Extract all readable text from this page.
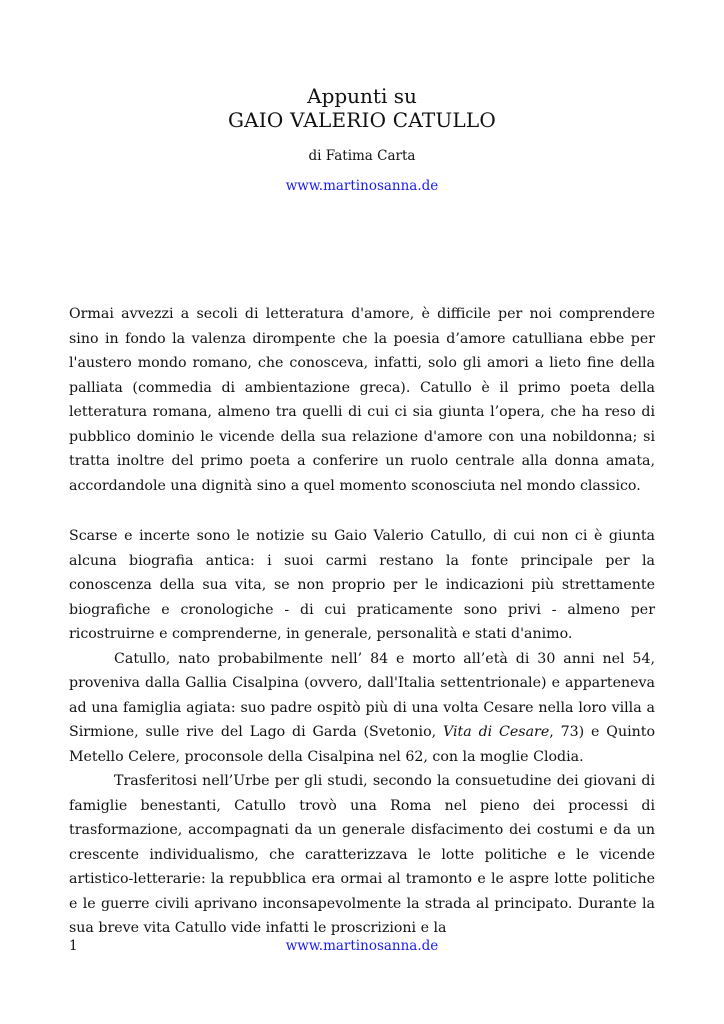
Appunti su
GAIO VALERIO CATULLO
di Fatima Carta
www.martinosanna.de
Ormai avvezzi a secoli di letteratura d'amore, è difficile per noi comprendere sino in fondo la valenza dirompente che la poesia d’amore catulliana ebbe per l'austero mondo romano, che conosceva, infatti, solo gli amori a lieto fine della palliata (commedia di ambientazione greca). Catullo è il primo poeta della letteratura romana, almeno tra quelli di cui ci sia giunta l’opera, che ha reso di pubblico dominio le vicende della sua relazione d'amore con una nobildonna; si tratta inoltre del primo poeta a conferire un ruolo centrale alla donna amata, accordandole una dignità sino a quel momento sconosciuta nel mondo classico.

Scarse e incerte sono le notizie su Gaio Valerio Catullo, di cui non ci è giunta alcuna biografia antica: i suoi carmi restano la fonte principale per la conoscenza della sua vita, se non proprio per le indicazioni più strettamente biografiche e cronologiche - di cui praticamente sono privi - almeno per ricostruirne e comprenderne, in generale, personalità e stati d'animo.

Catullo, nato probabilmente nell’ 84 e morto all’età di 30 anni nel 54, proveniva dalla Gallia Cisalpina (ovvero, dall'Italia settentrionale) e apparteneva ad una famiglia agiata: suo padre ospitò più di una volta Cesare nella loro villa a Sirmione, sulle rive del Lago di Garda (Svetonio, Vita di Cesare, 73) e Quinto Metello Celere, proconsole della Cisalpina nel 62, con la moglie Clodia.

Trasferitosi nell’Urbe per gli studi, secondo la consuetudine dei giovani di famiglie benestanti, Catullo trovò una Roma nel pieno dei processi di trasformazione, accompagnati da un generale disfacimento dei costumi e da un crescente individualismo, che caratterizzava le lotte politiche e le vicende artistico-letterarie: la repubblica era ormai al tramonto e le aspre lotte politiche e le guerre civili aprivano inconsapevolmente la strada al principato. Durante la sua breve vita Catullo vide infatti le proscrizioni e la

1	www.martinosanna.de
